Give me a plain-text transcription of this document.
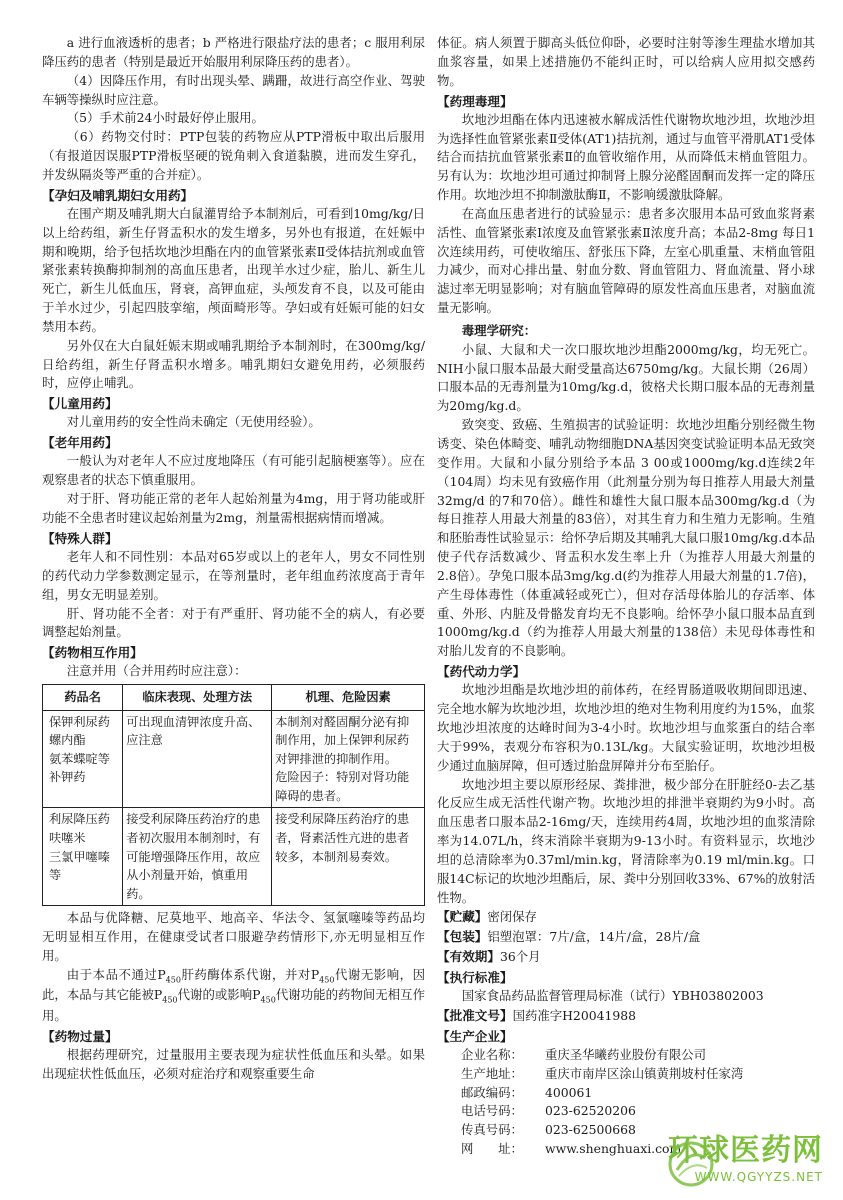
a 进行血液透析的患者；b 严格进行限盐疗法的患者；c 服用利尿降压药的患者（特别是最近开始服用利尿降压药的患者）。

（4）因降压作用，有时出现头晕、蹒跚，故进行高空作业、驾驶车辆等操纵时应注意。

（5）手术前24小时最好停止服用。

（6）药物交付时：PTP包装的药物应从PTP滑板中取出后服用（有报道因误服PTP滑板坚硬的锐角刺入食道黏膜，进而发生穿孔，并发纵隔炎等严重的合并症）。

【孕妇及哺乳期妇女用药】

在围产期及哺乳期大白鼠灌胃给予本制剂后，可看到10mg/kg/日以上给药组，新生仔肾盂积水的发生增多，另外也有报道，在妊娠中期和晚期，给予包括坎地沙坦酯在内的血管紧张素Ⅱ受体拮抗剂或血管紧张素转换酶抑制剂的高血压患者，出现羊水过少症，胎儿、新生儿死亡，新生儿低血压，肾衰，高钾血症，头颅发育不良，以及可能由于羊水过少，引起四肢挛缩，颅面畸形等。孕妇或有妊娠可能的妇女禁用本药。

另外仅在大白鼠妊娠末期或哺乳期给予本制剂时，在300mg/kg/日给药组，新生仔肾盂积水增多。哺乳期妇女避免用药，必须服药时，应停止哺乳。

【儿童用药】

对儿童用药的安全性尚未确定（无使用经验）。

【老年用药】

一般认为对老年人不应过度地降压（有可能引起脑梗塞等）。应在观察患者的状态下慎重服用。

对于肝、肾功能正常的老年人起始剂量为4mg，用于肾功能或肝功能不全患者时建议起始剂量为2mg，剂量需根据病情而增减。

【特殊人群】

老年人和不同性别：本品对65岁或以上的老年人，男女不同性别的药代动力学参数测定显示，在等剂量时，老年组血药浓度高于青年组，男女无明显差别。

肝、肾功能不全者：对于有严重肝、肾功能不全的病人，有必要调整起始剂量。

【药物相互作用】

注意并用（合并用药时应注意）：

药品名	临床表现、处理方法	机理、危险因素

保钾利尿药
螺内酯
氨苯蝶啶等
补钾药	可出现血清钾浓度升高、应注意	本制剂对醛固酮分泌有抑制作用，加上保钾利尿药对钾排泄的抑制作用。
危险因子：特别对肾功能障碍的患者。

利尿降压药
呋噻米
三氯甲噻嗪等	接受利尿降压药治疗的患者初次服用本制剂时，有可能增强降压作用，故应从小剂量开始，慎重用药。	接受利尿降压药治疗的患者，肾素活性亢进的患者较多，本制剂易奏效。

本品与优降糖、尼莫地平、地高辛、华法令、氢氯噻嗪等药品均无明显相互作用，在健康受试者口服避孕药情形下,亦无明显相互作用。

由于本品不通过$P_{450}$肝药酶体系代谢，并对$P_{450}$代谢无影响，因此，本品与其它能被$P_{450}$代谢的或影响$P_{450}$代谢功能的药物间无相互作用。

【药物过量】

根据药理研究，过量服用主要表现为症状性低血压和头晕。如果出现症状性低血压，必须对症治疗和观察重要生命

体征。病人须置于脚高头低位仰卧，必要时注射等渗生理盐水增加其血浆容量，如果上述措施仍不能纠正时，可以给病人应用拟交感药物。

【药理毒理】

坎地沙坦酯在体内迅速被水解成活性代谢物坎地沙坦，坎地沙坦为选择性血管紧张素Ⅱ受体(AT1)拮抗剂，通过与血管平滑肌AT1受体结合而拮抗血管紧张素Ⅱ的血管收缩作用，从而降低末梢血管阻力。另有认为：坎地沙坦可通过抑制肾上腺分泌醛固酮而发挥一定的降压作用。坎地沙坦不抑制激肽酶Ⅱ，不影响缓激肽降解。

在高血压患者进行的试验显示：患者多次服用本品可致血浆肾素活性、血管紧张素Ⅰ浓度及血管紧张素Ⅱ浓度升高；本品2-8mg 每日1次连续用药，可使收缩压、舒张压下降，左室心肌重量、末梢血管阻力减少，而对心排出量、射血分数、肾血管阻力、肾血流量、肾小球滤过率无明显影响；对有脑血管障碍的原发性高血压患者，对脑血流量无影响。

毒理学研究：

小鼠、大鼠和犬一次口服坎地沙坦酯2000mg/kg，均无死亡。NIH小鼠口服本品最大耐受量高达6750mg/kg。大鼠长期（26周）口服本品的无毒剂量为10mg/kg.d，彼格犬长期口服本品的无毒剂量为20mg/kg.d。

致突变、致癌、生殖损害的试验证明：坎地沙坦酯分别经微生物诱变、染色体畸变、哺乳动物细胞DNA基因突变试验证明本品无致突变作用。大鼠和小鼠分别给予本品 3 00或1000mg/kg.d连续2年（104周）均未见有致癌作用（此剂量分别为每日推荐人用最大剂量32mg/d 的7和70倍）。雌性和雄性大鼠口服本品300mg/kg.d（为每日推荐人用最大剂量的83倍），对其生育力和生殖力无影响。生殖和胚胎毒性试验显示：给怀孕后期及其哺乳大鼠口服10mg/kg.d本品使子代存活数减少、肾盂积水发生率上升（为推荐人用最大剂量的2.8倍）。孕兔口服本品3mg/kg.d(约为推荐人用最大剂量的1.7倍)，产生母体毒性（体重减轻或死亡），但对存活母体胎儿的存活率、体重、外形、内脏及骨骼发育均无不良影响。给怀孕小鼠口服本品直到1000mg/kg.d（约为推荐人用最大剂量的138倍）未见母体毒性和对胎儿发育的不良影响。

【药代动力学】

坎地沙坦酯是坎地沙坦的前体药，在经胃肠道吸收期间即迅速、完全地水解为坎地沙坦，坎地沙坦的绝对生物利用度约为15%，血浆坎地沙坦浓度的达峰时间为3-4小时。坎地沙坦与血浆蛋白的结合率大于99%，表观分布容积为0.13L/kg。大鼠实验证明，坎地沙坦极少通过血脑屏障，但可透过胎盘屏障并分布至胎仔。

坎地沙坦主要以原形经尿、粪排泄，极少部分在肝脏经0-去乙基化反应生成无活性代谢产物。坎地沙坦的排泄半衰期约为9小时。高血压患者口服本品2-16mg/天，连续用药4周，坎地沙坦的血浆清除率为14.07L/h，终末消除半衰期为9-13小时。有资料显示，坎地沙坦的总清除率为0.37ml/min.kg，肾清除率为0.19 ml/min.kg。口服14C标记的坎地沙坦酯后，尿、粪中分别回收33%、67%的放射活性物。

【贮藏】密闭保存
【包装】铝塑泡罩：7片/盒，14片/盒，28片/盒
【有效期】36个月
【执行标准】

国家食品药品监督管理局标准（试行）YBH03802003

【批准文号】国药准字H20041988
【生产企业】
企业名称：	重庆圣华曦药业股份有限公司
生产地址：	重庆市南岸区涂山镇黄荆坡村任家湾
邮政编码：	400061
电话号码：	023-62520206
传真号码：	023-62500668
网　　址：	www.shenghuaxi.com
环球医药网
WWW.QGYYZS.NET
